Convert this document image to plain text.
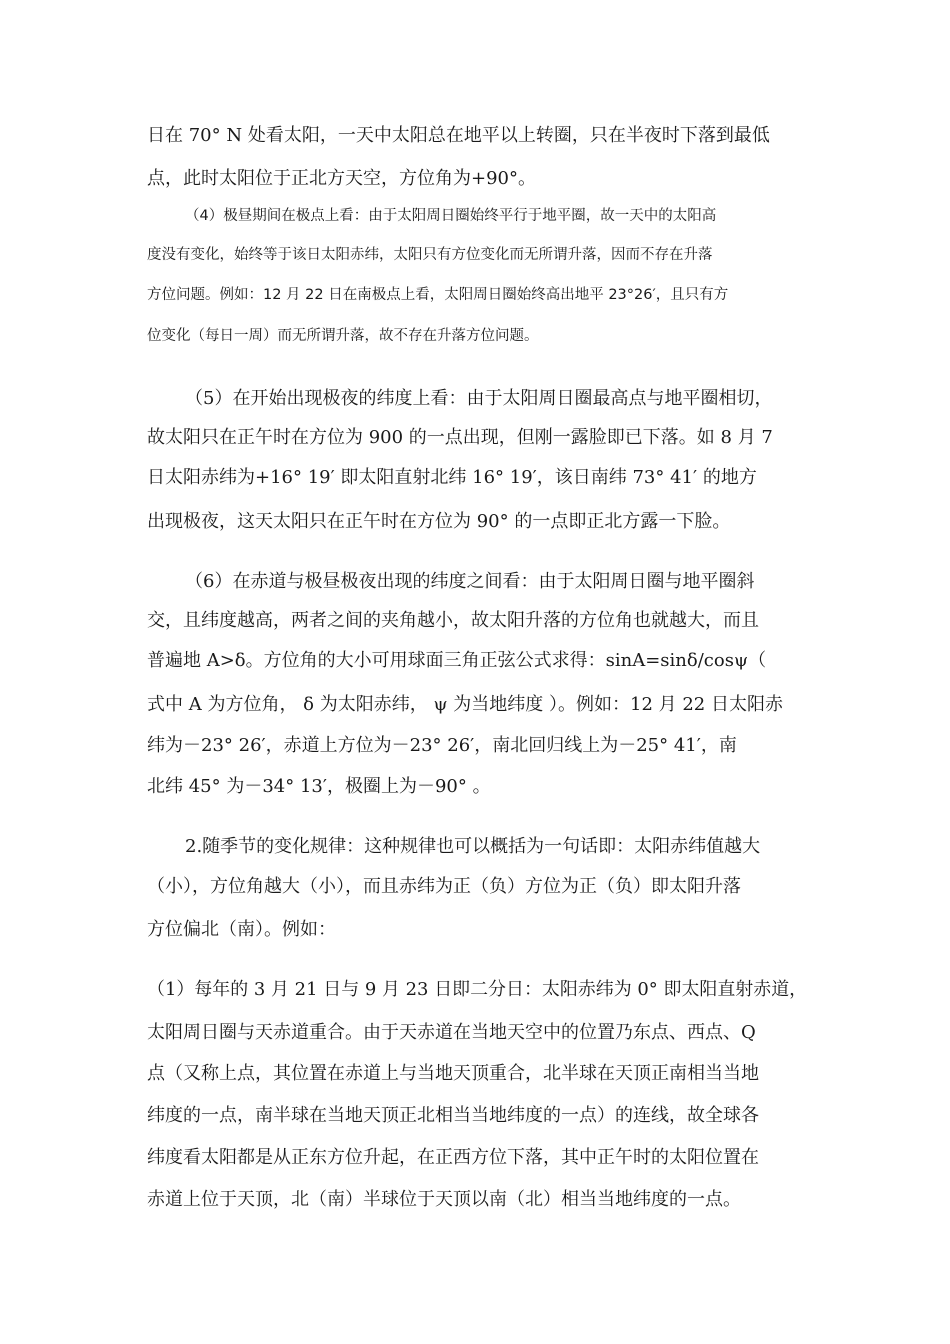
日在 70° N 处看太阳，一天中太阳总在地平以上转圈，只在半夜时下落到最低
点，此时太阳位于正北方天空，方位角为+90°。
（4）极昼期间在极点上看：由于太阳周日圈始终平行于地平圈，故一天中的太阳高
度没有变化，始终等于该日太阳赤纬，太阳只有方位变化而无所谓升落，因而不存在升落
方位问题。例如：12 月 22 日在南极点上看，太阳周日圈始终高出地平 23°26′，且只有方
位变化（每日一周）而无所谓升落，故不存在升落方位问题。
（5）在开始出现极夜的纬度上看：由于太阳周日圈最高点与地平圈相切，
故太阳只在正午时在方位为 900 的一点出现，但刚一露脸即已下落。如 8 月 7
日太阳赤纬为+16° 19′ 即太阳直射北纬 16° 19′，该日南纬 73° 41′ 的地方
出现极夜，这天太阳只在正午时在方位为 90° 的一点即正北方露一下脸。
（6）在赤道与极昼极夜出现的纬度之间看：由于太阳周日圈与地平圈斜
交，且纬度越高，两者之间的夹角越小，故太阳升落的方位角也就越大，而且
普遍地 A>δ。方位角的大小可用球面三角正弦公式求得：sinA=sinδ/cosψ（
式中 A 为方位角， δ 为太阳赤纬， ψ 为当地纬度 ）。例如：12 月 22 日太阳赤
纬为－23° 26′，赤道上方位为－23° 26′，南北回归线上为－25° 41′，南
北纬 45° 为－34° 13′，极圈上为－90° 。
2.随季节的变化规律：这种规律也可以概括为一句话即：太阳赤纬值越大
（小），方位角越大（小），而且赤纬为正（负）方位为正（负）即太阳升落
方位偏北（南）。例如：
（1）每年的 3 月 21 日与 9 月 23 日即二分日：太阳赤纬为 0° 即太阳直射赤道，
太阳周日圈与天赤道重合。由于天赤道在当地天空中的位置乃东点、西点、Q
点（又称上点，其位置在赤道上与当地天顶重合，北半球在天顶正南相当当地
纬度的一点，南半球在当地天顶正北相当当地纬度的一点）的连线，故全球各
纬度看太阳都是从正东方位升起，在正西方位下落，其中正午时的太阳位置在
赤道上位于天顶，北（南）半球位于天顶以南（北）相当当地纬度的一点。
